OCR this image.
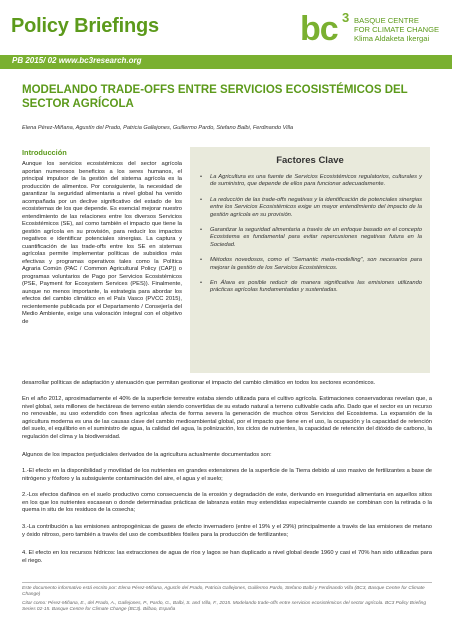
Policy Briefings	bc 3 BASQUE CENTRE
FOR CLIMATE CHANGE
Klima Aldaketa Ikergai
PB 2015/ 02 www.bc3research.org
MODELANDO TRADE-OFFS ENTRE SERVICIOS ECOSISTÉMICOS DEL SECTOR AGRÍCOLA
Elena Pérez-Miñana, Agustín del Prado, Patricia Gallejones, Guillermo Pardo, Stefano Balbi, Ferdinando Villa
Introducción
Aunque los servicios ecosistémicos del sector agrícola aportan numerosos beneficios a los seres humanos, el principal impulsor de la gestión del sistema agrícola es la producción de alimentos. Por consiguiente, la necesidad de garantizar la seguridad alimentaria a nivel global ha venido acompañada por un declive significativo del estado de los ecosistemas de los que depende. Es esencial mejorar nuestro entendimiento de las relaciones entre los diversos Servicios Ecosistémicos (SE), así como también el impacto que tiene la gestión agrícola en su provisión, para reducir los impactos negativos e identificar potenciales sinergias. La captura y cuantificación de las trade-offs entre los SE en sistemas agrícolas permite implementar políticas de subsidios más efectivas y programas operativos tales como la Política Agraria Común (PAC / Common Agricultural Policy (CAP)) o programas voluntarios de Pago por Servicios Ecosistémicos (PSE, Payment for Ecosystem Services (PES)). Finalmente, aunque no menos importante, la estrategia para abordar los efectos del cambio climático en el País Vasco (PVCC 2015), recientemente publicada por el Departamento / Consejería del Medio Ambiente, exige una valoración integral con el objetivo de
Factores Clave
• La Agricultura es una fuente de Servicios Ecosistémicos regulatorios, culturales y de suministro, que depende de ellos para funcionar adecuadamente.
• La reducción de las trade-offs negativas y la identificación de potenciales sinergias entre los Servicios Ecosistémicos exige un mayor entendimiento del impacto de la gestión agrícola en su provisión.
• Garantizar la seguridad alimentaria a través de un enfoque basado en el concepto Ecosistema es fundamental para evitar repercusiones negativas futura en la Sociedad.
• Métodos novedosos, como el "Semantic meta-modelling", son necesarios para mejorar la gestión de los Servicios Ecosistémicos.
• En Álava es posible reducir de manera significativa las emisiones utilizando prácticas agrícolas fundamentadas y sustentadas.
desarrollar políticas de adaptación y atenuación que permitan gestionar el impacto del cambio climático en todos los sectores económicos.

En el año 2012, aproximadamente el 40% de la superficie terrestre estaba siendo utilizada para el cultivo agrícola. Estimaciones conservadoras revelan que, a nivel global, seis millones de hectáreas de terreno están siendo convertidas de su estado natural a terreno cultivable cada año. Dado que el sector es un recurso no renovable, su uso extendido con fines agrícolas afecta de forma severa la generación de muchos otros Servicios del Ecosistema. La expansión de la agricultura moderna es una de las causas clave del cambio medioambiental global, por el impacto que tiene en el uso, la ocupación y la capacidad de retención del suelo, el equilibrio en el suministro de agua, la calidad del agua, la polinización, los ciclos de nutrientes, la capacidad de retención del dióxido de carbono, la regulación del clima y la biodiversidad.

Algunos de los impactos perjudiciales derivados de la agricultura actualmente documentados son:

1.-El efecto en la disponibilidad y movilidad de los nutrientes en grandes extensiones de la superficie de la Tierra debido al uso masivo de fertilizantes a base de nitrógeno y fósforo y la subsiguiente contaminación del aire, el agua y el suelo;

2.-Los efectos dañinos en el suelo productivo como consecuencia de la erosión y degradación de este, derivando en inseguridad alimentaria en aquellos sitios en los que los nutrientes escasean o donde determinadas prácticas de labranza están muy extendidas especialmente cuando se combinan con la retirada o la quema in situ de los residuos de la cosecha;

3.-La contribución a las emisiones antropogénicas de gases de efecto invernadero (entre el 19% y el 29%) principalmente a través de las emisiones de metano y óxido nitroso, pero también a través del uso de combustibles fósiles para la producción de fertilizantes;

4. El efecto en los recursos hídricos: las extracciones de agua de ríos y lagos se han duplicado a nivel global desde 1960 y casi el 70% han sido utilizadas para el riego.

Este documento informativo está escrito por: Elena Pérez-Miñana, Agustín del Prado, Patricia Gallejones, Guillermo Pardo, Stefano Balbi y Ferdinando Villa (BC3, Basque Centre for Climate Change)

Citar como: Pérez-Miñana, E., del Prado, A., Gallejones, P., Pardo, G., Balbi, S. and Villa, F., 2015. Modelando trade-offs entre servicios ecosistémicos del sector agrícola. BC3 Policy Briefing Series 02-15. Basque Centre for Climate Change (BC3). Bilbao, España
